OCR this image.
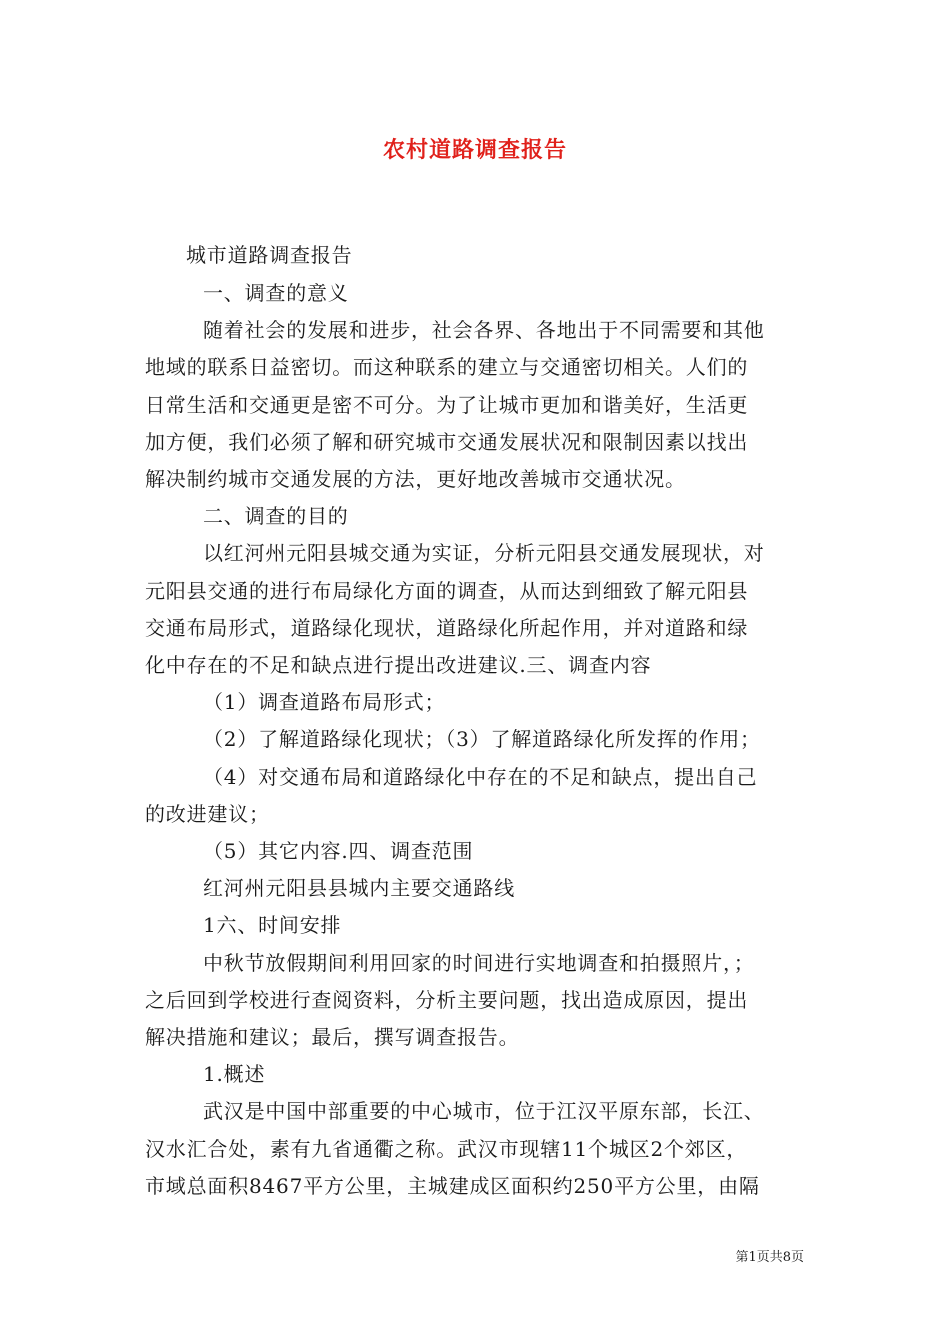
农村道路调查报告
城市道路调查报告
一、调查的意义
随着社会的发展和进步，社会各界、各地出于不同需要和其他
地域的联系日益密切。而这种联系的建立与交通密切相关。人们的
日常生活和交通更是密不可分。为了让城市更加和谐美好，生活更
加方便，我们必须了解和研究城市交通发展状况和限制因素以找出
解决制约城市交通发展的方法，更好地改善城市交通状况。
二、调查的目的
以红河州元阳县城交通为实证，分析元阳县交通发展现状，对
元阳县交通的进行布局绿化方面的调查，从而达到细致了解元阳县
交通布局形式，道路绿化现状，道路绿化所起作用，并对道路和绿
化中存在的不足和缺点进行提出改进建议.三、调查内容
（1）调查道路布局形式；
（2）了解道路绿化现状；（3）了解道路绿化所发挥的作用；
（4）对交通布局和道路绿化中存在的不足和缺点，提出自己
的改进建议；
（5）其它内容.四、调查范围
红河州元阳县县城内主要交通路线
1六、时间安排
中秋节放假期间利用回家的时间进行实地调查和拍摄照片，；
之后回到学校进行查阅资料，分析主要问题，找出造成原因，提出
解决措施和建议；最后，撰写调查报告。
1.概述
武汉是中国中部重要的中心城市，位于江汉平原东部，长江、
汉水汇合处，素有九省通衢之称。武汉市现辖11个城区2个郊区，
市域总面积8467平方公里，主城建成区面积约250平方公里，由隔
第1页共8页
